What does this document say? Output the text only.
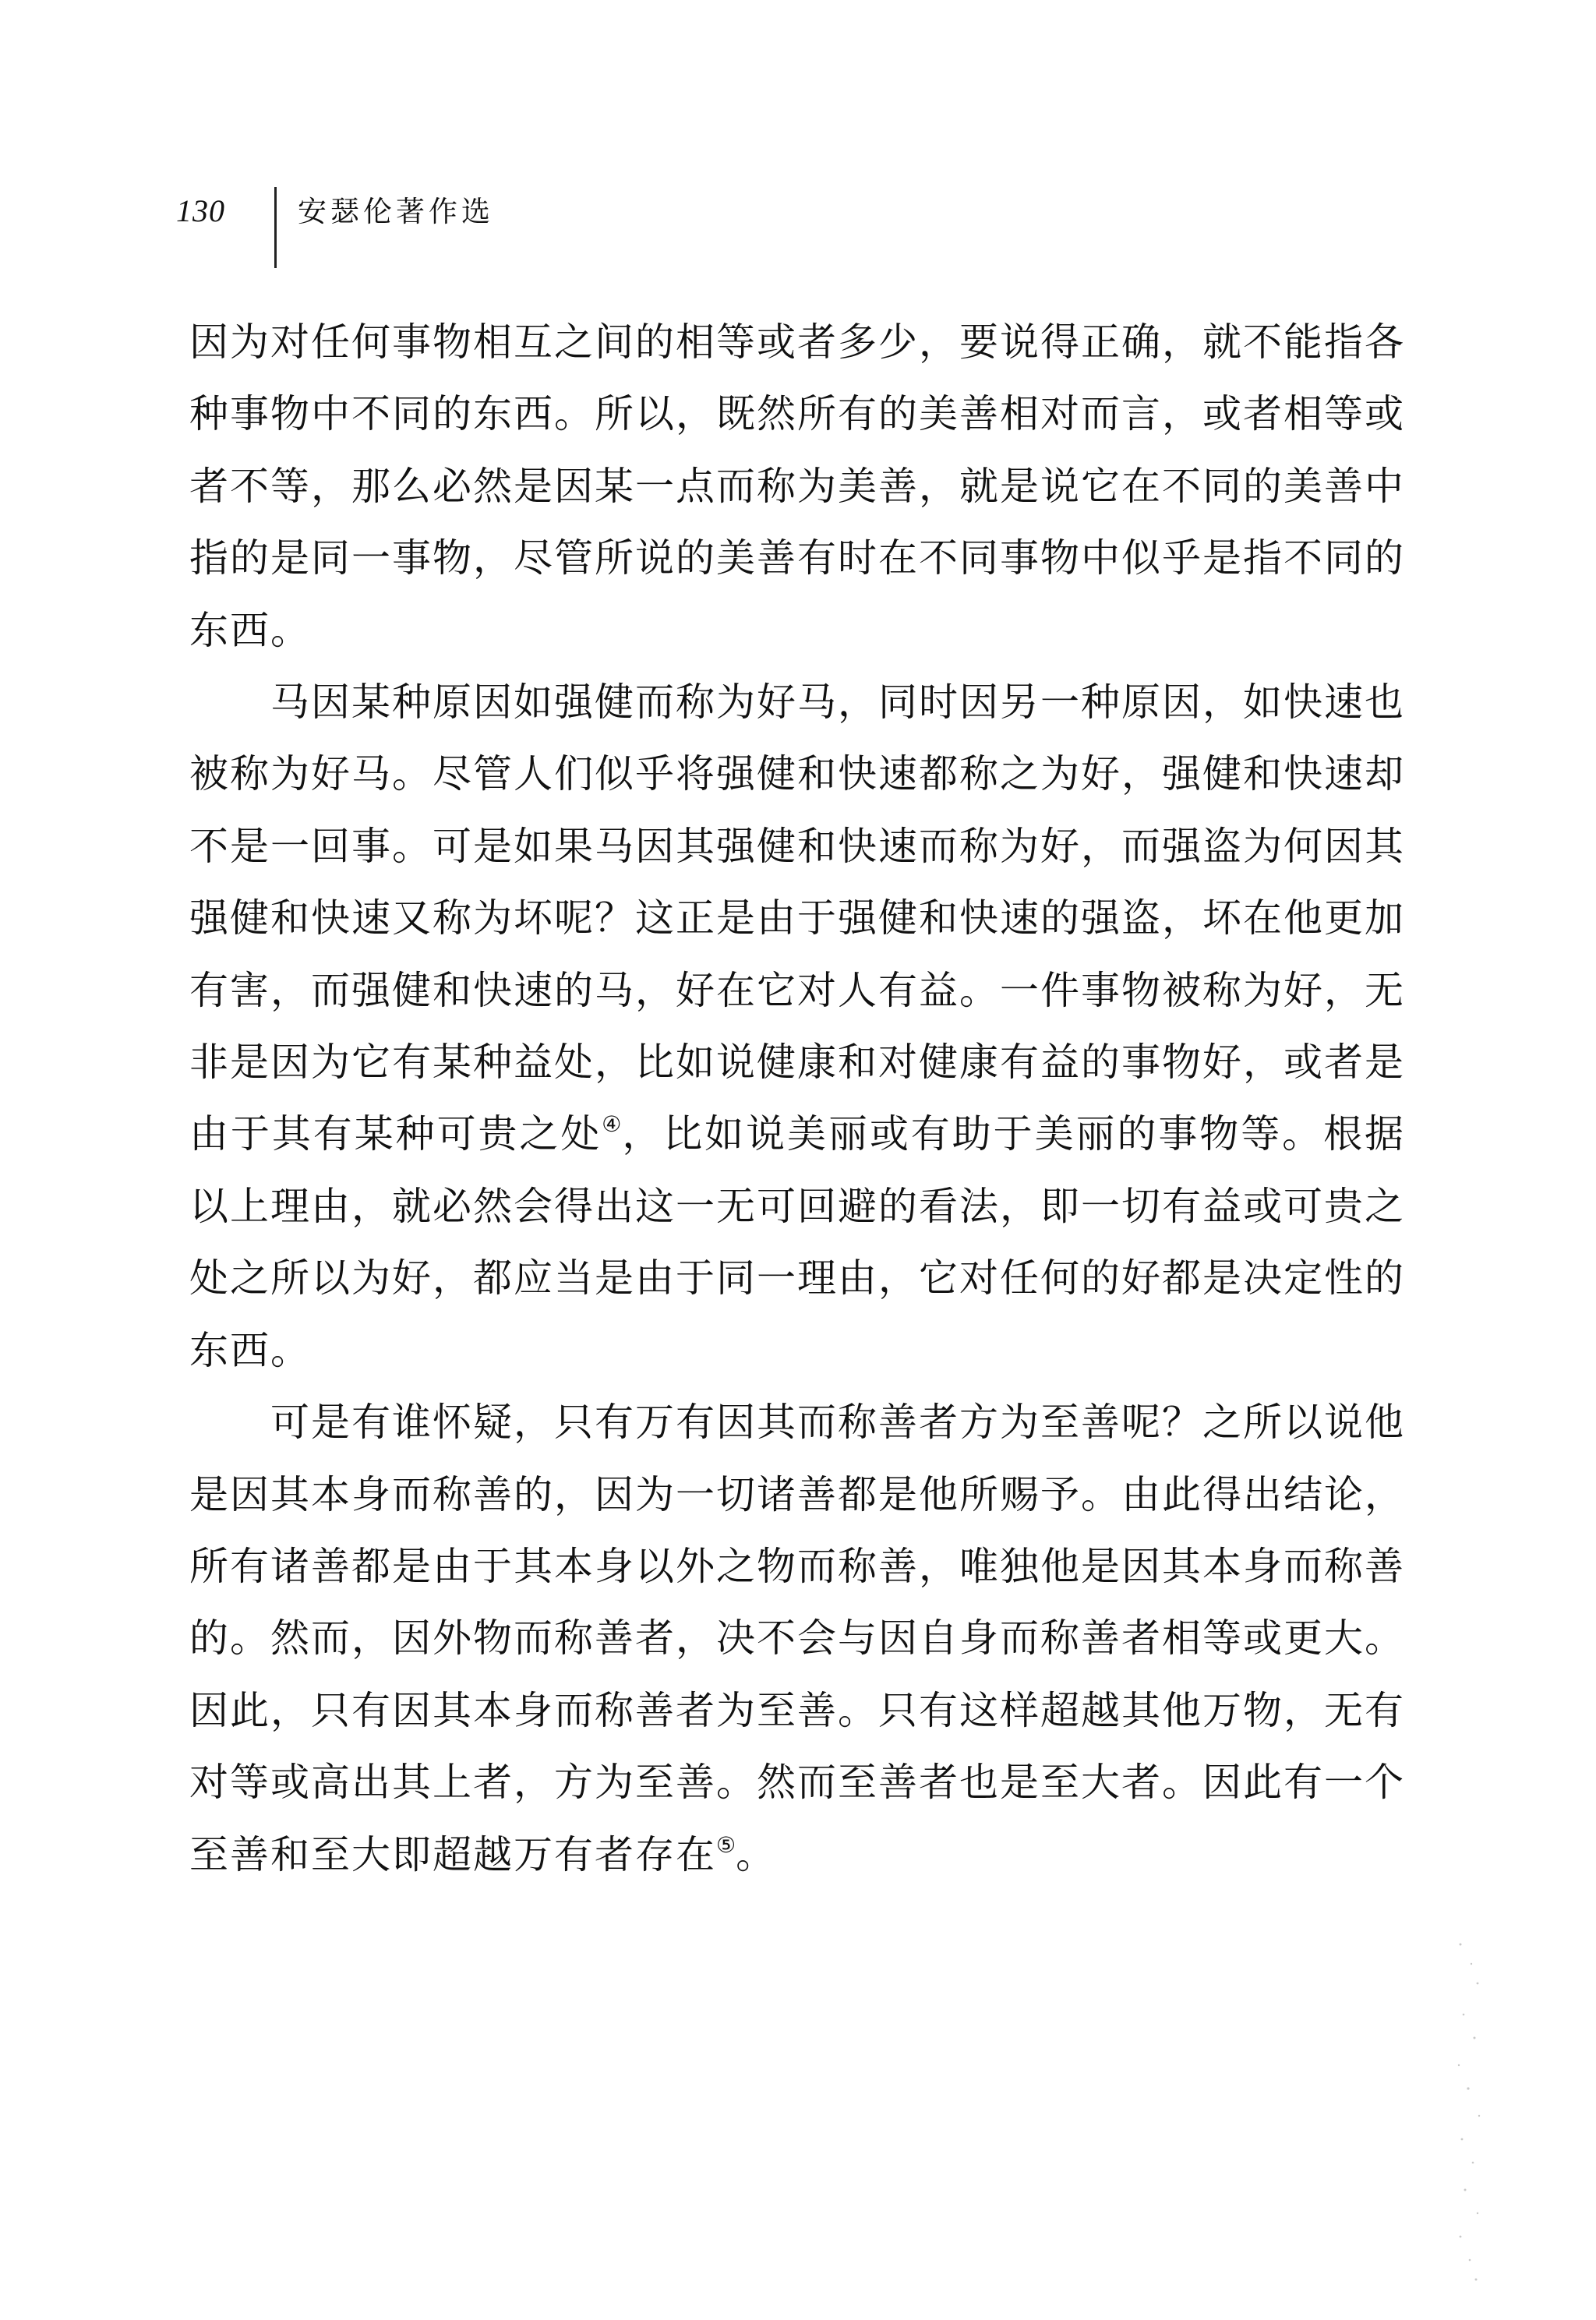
130	安瑟伦著作选

因为对任何事物相互之间的相等或者多少，要说得正确，就不能指各种事物中不同的东西。所以，既然所有的美善相对而言，或者相等或者不等，那么必然是因某一点而称为美善，就是说它在不同的美善中指的是同一事物，尽管所说的美善有时在不同事物中似乎是指不同的东西。

马因某种原因如强健而称为好马，同时因另一种原因，如快速也被称为好马。尽管人们似乎将强健和快速都称之为好，强健和快速却不是一回事。可是如果马因其强健和快速而称为好，而强盗为何因其强健和快速又称为坏呢？这正是由于强健和快速的强盗，坏在他更加有害，而强健和快速的马，好在它对人有益。一件事物被称为好，无非是因为它有某种益处，比如说健康和对健康有益的事物好，或者是由于其有某种可贵之处④，比如说美丽或有助于美丽的事物等。根据以上理由，就必然会得出这一无可回避的看法，即一切有益或可贵之处之所以为好，都应当是由于同一理由，它对任何的好都是决定性的东西。

可是有谁怀疑，只有万有因其而称善者方为至善呢？之所以说他是因其本身而称善的，因为一切诸善都是他所赐予。由此得出结论，所有诸善都是由于其本身以外之物而称善，唯独他是因其本身而称善的。然而，因外物而称善者，决不会与因自身而称善者相等或更大。因此，只有因其本身而称善者为至善。只有这样超越其他万物，无有对等或高出其上者，方为至善。然而至善者也是至大者。因此有一个至善和至大即超越万有者存在⑤。
